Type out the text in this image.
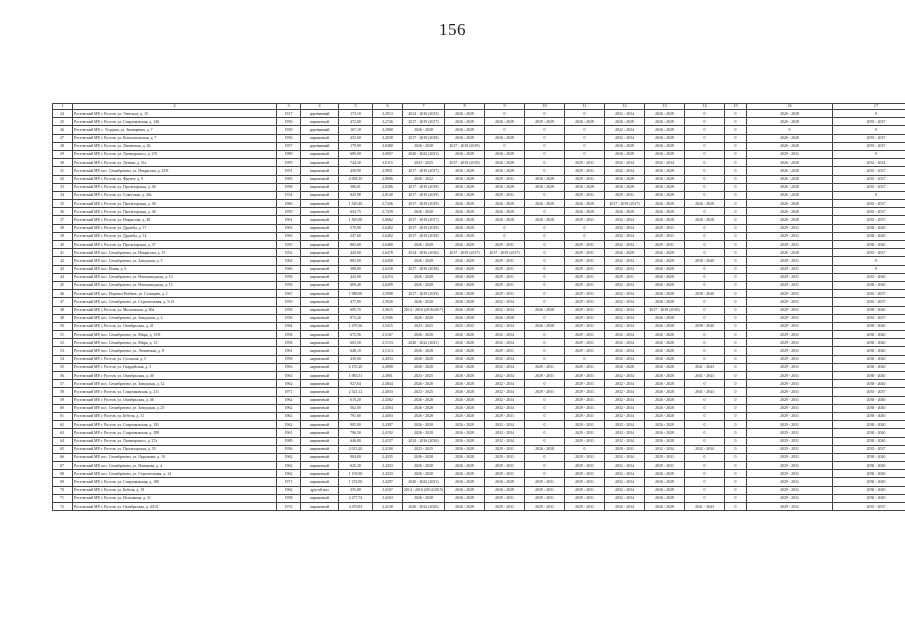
156
1	2	3	4	5	6	7	8	9	10	11	12	13	14	15	16	17
24.	Ростовский МР, г. Ростов, ул. Энгельса, д. 15	1917	деревянный	173,10	3,2913	2014 - 2016 (2015)	2026 - 2028	0	0	0	2032 - 2034	2026 - 2028	0	0	2026 - 2028	0
25.	Ростовский МР, г. Ростов, ул. Спартаковская, д. 146	1956	кирпичный	472,80	3,2726	2017 - 2019 (2017)	2026 - 2028	2026 - 2028	2029 - 2029	2026 - 2028	2026 - 2028	2026 - 2028	0	0	2026 - 2028	2035 - 2037
26.	Ростовский МР, с. Угодичи, ул. Звонаревка, д. 7	1930	деревянный	167,10	3,2968	2026 - 2028	2026 - 2028	0	0	0	2022 - 2024	2026 - 2028	0	0	0	0
27.	Ростовский МР, г. Ростов, ул. Комсомольская, д. 7	1956	кирпичный	452,60	3,2038	2017 - 2019 (2018)	2026 - 2028	2026 - 2028	0	0	2032 - 2034	2026 - 2028	0	0	2026 - 2028	2035 - 2037
28.	Ростовский МР, г. Ростов, ул. Ленинская, д. 26	1957	деревянный	179,90	3,0480	2026 - 2028	2017 - 2019 (2019)	0	0	0	2026 - 2028	2026 - 2028	0	0	2026 - 2028	2035 - 2037
29.	Ростовский МР, г. Ростов, ул. Луначарского, д. 27б	1989	кирпичный	689,00	3,0057	2020 - 2022 (2021)	2026 - 2028	2026 - 2028	0	0	2026 - 2028	2026 - 2028	0	0	2029 - 2031	0
30.	Ростовский МР, г. Ростов, ул. Летняя, д. 51а	1995	кирпичный	744,30	3,0115	2023 - 2025	2017 - 2019 (2019)	2026 - 2028	0	2029 - 2031	2032 - 2034	2032 - 2034	0	0	2026 - 2028	2032 - 2034
31.	Ростовский МР, пос. Семибратово, ул. Некрасова, д. 23/9	1951	кирпичный	458,90	2,9851	2017 - 2019 (2017)	2026 - 2028	2026 - 2028	0	2029 - 2031	2032 - 2034	2026 - 2028	0	0	2026 - 2028	2035 - 2037
32.	Ростовский МР, г. Ростов, ул. Фрунзе, д. 9	1965	кирпичный	2 058,10	2,8806	2020 - 2022	2026 - 2028	2029 - 2031	2026 - 2028	2029 - 2031	2026 - 2028	2026 - 2028	0	0	2026 - 2028	2035 - 2037
33.	Ростовский МР, г. Ростов, ул. Пролетарская, д. 40	1958	кирпичный	386,61	2,8286	2017 - 2019 (2018)	2026 - 2028	2026 - 2028	2026 - 2028	2026 - 2028	2026 - 2028	2026 - 2028	0	0	2026 - 2028	2035 - 2037
34.	Ростовский МР, г. Ростов, ул. Советская, д. 20а	1554	кирпичный	845,98	2,8140	2017 - 2019 (2019)	2026 - 2028	2029 - 2031	0	2029 - 2031	2029 - 2031	2026 - 2028	0	0	2026 - 2028	0
35.	Ростовский МР, г. Ростов, ул. Пролетарская, д. 30	1960	кирпичный	1 520,40	2,7436	2017 - 2019 (2019)	2026 - 2028	2026 - 2028	2026 - 2028	2026 - 2028	2017 - 2019 (2017)	2026 - 2028	2026 - 2028	0	2026 - 2028	2035 - 2037
36.	Ростовский МР, г. Ростов, ул. Пролетарская, д. 36	1959	кирпичный	654,75	2,7439	2026 - 2028	2026 - 2028	2026 - 2028	0	2026 - 2028	2026 - 2028	2026 - 2028	0	0	2026 - 2028	2035 - 2037
37.	Ростовский МР, г. Ростов, ул. Некрасова, д. 48	1961	кирпичный	1 565,80	2,6662	2017 - 2019 (2017)	2026 - 2028	2026 - 2028	2026 - 2028	2029 - 2031	2032 - 2034	2026 - 2028	2026 - 2028	0	2026 - 2028	2035 - 2037
38.	Ростовский МР, г. Ростов, ул. Дружбы, д. 17	1963	кирпичный	570,90	2,6492	2017 - 2019 (2019)	2026 - 2028	0	0	0	2032 - 2034	2029 - 2031	0	0	2029 - 2031	2038 - 2040
39.	Ростовский МР, г. Ростов, ул. Дружбы, д. 14	1965	кирпичный	247,60	2,6492	2017 - 2019 (2018)	2026 - 2028	0	0	0	2032 - 2034	2029 - 2031	0	0	2029 - 2031	2038 - 2040
40.	Ростовский МР, г. Ростов, ул. Пролетарская, д. 37	1955	кирпичный	865,60	2,6480	2026 - 2028	2026 - 2028	2029 - 2031	0	2029 - 2031	2032 - 2034	2029 - 2031	0	0	2029 - 2031	2038 - 2040
41.	Ростовский МР, пос. Семибратово, ул. Некрасова, д. 15	1952	кирпичный	420,60	2,6478	2014 - 2016 (2016)	2017 - 2019 (2017)	2017 - 2019 (2017)	0	2029 - 2031	2026 - 2028	2026 - 2028	0	0	2026 - 2028	2035 - 2037
42.	Ростовский МР, пос. Семибратово, ул. Заводская, д. 5	1962	кирпичный	865,90	2,6458	2026 - 2028	2026 - 2028	2029 - 2031	0	2029 - 2031	2032 - 2034	2026 - 2028	2038 - 2040	0	2029 - 2031	0
43.	Ростовский МР, пос. Ишня, д. 6	1960	кирпичный	398,80	2,6338	2017 - 2019 (2018)	2026 - 2028	2029 - 2031	0	2029 - 2031	2032 - 2034	2026 - 2028	0	0	2029 - 2031	0
44.	Ростовский МР, пос. Семибратово, ул. Новозаводская, д. 13	1958	кирпичный	443,00	2,6253	2026 - 2028	2026 - 2028	2029 - 2031	0	2029 - 2031	2029 - 2031	2026 - 2028	0	0	2029 - 2031	2035 - 2040
45.	Ростовский МР, пос. Семибратово, ул. Новозаводская, д. 15	1958	кирпичный	609,40	2,6209	2026 - 2028	2026 - 2028	2029 - 2031	0	2029 - 2031	2032 - 2034	2026 - 2028	0	0	2029 - 2031	2038 - 2040
46.	Ростовский МР, пос. Поречье-Рыбное, ул. Солнцева, д. 1	1967	кирпичный	1 988,90	2,5998	2017 - 2019 (2019)	2026 - 2028	2029 - 2031	0	2029 - 2031	2032 - 2034	2026 - 2028	2038 - 2040	0	2029 - 2031	2035 - 2037
47.	Ростовский МР, пос. Семибратово, ул. Строительная, д. 5/13	1959	кирпичный	477,90	2,5920	2026 - 2028	2026 - 2028	2032 - 2034	0	2029 - 2031	2032 - 2034	2026 - 2028	0	0	2029 - 2031	2035 - 2037
48.	Ростовский МР, г. Ростов, ул. Московская, д. 69а	1958	кирпичный	695,70	2,5615	2014 - 2016 (2016/2017)	2026 - 2028	2032 - 2034	2026 - 2028	2029 - 2031	2032 - 2034	2017 - 2019 (2019)	0	0	2029 - 2031	2038 - 2040
49.	Ростовский МР, пос. Семибратово, ул. Заводская, д. 2	1956	кирпичный	873,20	2,5506	2026 - 2028	2026 - 2028	2026 - 2028	0	2029 - 2031	2032 - 2034	2026 - 2028	0	0	2029 - 2031	2035 - 2037
50.	Ростовский МР, г. Ростов, ул. Октябрьская, д. 41	1964	кирпичный	1 479,36	2,5415	2023 - 2025	2023 - 2025	2032 - 2034	2026 - 2028	2029 - 2031	2032 - 2034	2026 - 2028	2038 - 2040	0	2029 - 2031	2038 - 2040
51.	Ростовский МР, пос. Семибратово, ул. Мира, д. 15/8	1958	кирпичный	675,56	2,5167	2026 - 2028	2026 - 2028	2032 - 2034	0	2029 - 2031	2032 - 2034	2026 - 2028	0	0	2029 - 2031	2038 - 2040
52.	Ростовский МР, пос. Семибратово, ул. Мира, д. 13	1958	кирпичный	603,50	2,5153	2020 - 2022 (2021)	2026 - 2028	2032 - 2034	0	2029 - 2031	2032 - 2034	2026 - 2028	0	0	2029 - 2031	2038 - 2040
53.	Ростовский МР, пос. Семибратово, ул. Ленинская, д. 8	1961	кирпичный	648,10	2,5113	2026 - 2028	2026 - 2028	2029 - 2031	0	2029 - 2031	2032 - 2034	2026 - 2028	0	0	2029 - 2031	2038 - 2040
54.	Ростовский МР, г. Ростов, ул. Согласия, д. 5	1958	кирпичный	450,00	2,4933	2026 - 2028	2026 - 2028	2032 - 2034	0	0	2032 - 2034	2026 - 2028	0	0	2029 - 2031	2038 - 2040
55.	Ростовский МР, г. Ростов, ул. Гвардейская, д. 3	1963	кирпичный	2 155,20	2,4908	2026 - 2028	2026 - 2028	2032 - 2034	2029 - 2031	2029 - 2031	2026 - 2028	2026 - 2028	2041 - 2043	0	2029 - 2031	2038 - 2040
56.	Ростовский МР, г. Ростов, ул. Октябрьская, д. 40	1963	кирпичный	1 983,51	2,4901	2023 - 2025	2026 - 2028	2032 - 2034	2029 - 2031	2029 - 2031	2032 - 2034	2026 - 2028	2041 - 2043	0	2029 - 2031	2038 - 2040
57.	Ростовский МР, пос. Семибратово, ул. Заводская, д. 12	1962	кирпичный	927,64	2,4844	2026 - 2028	2026 - 2028	2032 - 2034	0	2029 - 2031	2032 - 2034	2026 - 2028	0	0	2029 - 2031	2038 - 2040
58.	Ростовский МР, г. Ростов, ул. Спартаковская, д. 211	1971	кирпичный	2 321,12	2,4833	2023 - 2025	2026 - 2028	2032 - 2034	2029 - 2031	2029 - 2031	2032 - 2034	2026 - 2028	2041 - 2043	0	2029 - 2031	2035 - 2037
59.	Ростовский МР, г. Ростов, ул. Октябрьская, д. 46	1962	кирпичный	615,20	2,4582	2026 - 2028	2026 - 2028	2032 - 2034	0	2029 - 2031	2032 - 2034	2026 - 2028	0	0	2029 - 2031	2038 - 2040
60.	Ростовский МР, пос. Семибратово, ул. Заводская, д. 25	1962	кирпичный	562,00	2,4564	2026 - 2028	2026 - 2028	2032 - 2034	0	2029 - 2031	2032 - 2034	2026 - 2028	0	0	2029 - 2031	2038 - 2040
61.	Ростовский МР, г. Ростов, ул. Бебеля, д. 31	1962	кирпичный	791,60	2,4563	2026 - 2028	2026 - 2028	2029 - 2031	0	2029 - 2031	2032 - 2034	2026 - 2028	0	0	2029 - 2031	2038 - 2040
62.	Ростовский МР, г. Ростов, ул. Спартаковская, д. 192	1962	кирпичный	905,00	2,4397	2026 - 2028	2026 - 2028	2032 - 2034	0	2029 - 2031	2032 - 2034	2026 - 2028	0	0	2029 - 2031	2038 - 2040
63.	Ростовский МР, г. Ростов, ул. Спартаковская, д. 188	1961	кирпичный	796,50	2,4192	2026 - 2028	2026 - 2028	2032 - 2034	0	2029 - 2031	2032 - 2034	2026 - 2028	0	0	2029 - 2031	2038 - 2040
64.	Ростовский МР, г. Ростов, ул. Луначарского, д. 27а	1989	кирпичный	646,80	2,4157	2014 - 2016 (2016)	2026 - 2028	2032 - 2034	0	2029 - 2031	2032 - 2034	2026 - 2028	0	0	2029 - 2031	2038 - 2040
65.	Ростовский МР, г. Ростов, ул. Пролетарская, д. 33	1956	кирпичный	2 013,20	2,4100	2023 - 2025	2026 - 2028	2029 - 2031	2026 - 2028	0	2029 - 2031	2032 - 2034	2032 - 2034	0	2029 - 2031	2035 - 2037
66.	Ростовский МР, пос. Семибратово, ул. Окружная, д. 10	1962	кирпичный	904,00	2,4355	2026 - 2028	2026 - 2028	2029 - 2031	0	2029 - 2031	2032 - 2034	2029 - 2031	0	0	2029 - 2031	2038 - 2040
67.	Ростовский МР, пос. Семибратово, ул. Новикова, д. 4	1962	кирпичный	620,30	2,4353	2026 - 2028	2026 - 2028	2029 - 2031	0	2029 - 2031	2032 - 2034	2029 - 2031	0	0	2029 - 2031	2038 - 2040
68.	Ростовский МР, пос. Семибратово, ул. Строительная, д. 14	1962	кирпичный	1 159,90	2,4333	2026 - 2028	2026 - 2028	2029 - 2031	0	2029 - 2031	2032 - 2034	2026 - 2028	0	0	2029 - 2031	2038 - 2040
69.	Ростовский МР, г. Ростов, ул. Спартаковская, д. 180	1971	кирпичный	1 274,90	2,4297	2020 - 2022 (2021)	2026 - 2028	2026 - 2028	2029 - 2031	2029 - 2031	2032 - 2034	2026 - 2028	0	0	2029 - 2031	2038 - 2040
70.	Ростовский МР, г. Ростов, ул. Бебеля, д. 19	1962	другой тип	355,80	2,4167	2014 - 2016 (2014/2015)	2026 - 2028	2026 - 2028	2029 - 2031	2029 - 2031	2032 - 2034	2026 - 2028	0	0	2029 - 2031	2038 - 2040
71.	Ростовский МР, г. Ростов, ул. Исполкома, д. 31	1958	кирпичный	2 477,74	2,4163	2026 - 2028	2026 - 2028	2029 - 2031	2029 - 2031	2029 - 2031	2032 - 2034	2026 - 2028	0	0	2029 - 2031	2038 - 2040
72.	Ростовский МР, г. Ростов, ул. Октябрьская, д. 44/31	1972	кирпичный	4 470,83	2,4138	2020 - 2022 (2020)	2026 - 2028	2029 - 2031	2029 - 2031	2029 - 2031	2032 - 2034	2026 - 2028	2041 - 2043	0	2029 - 2031	2035 - 2037
